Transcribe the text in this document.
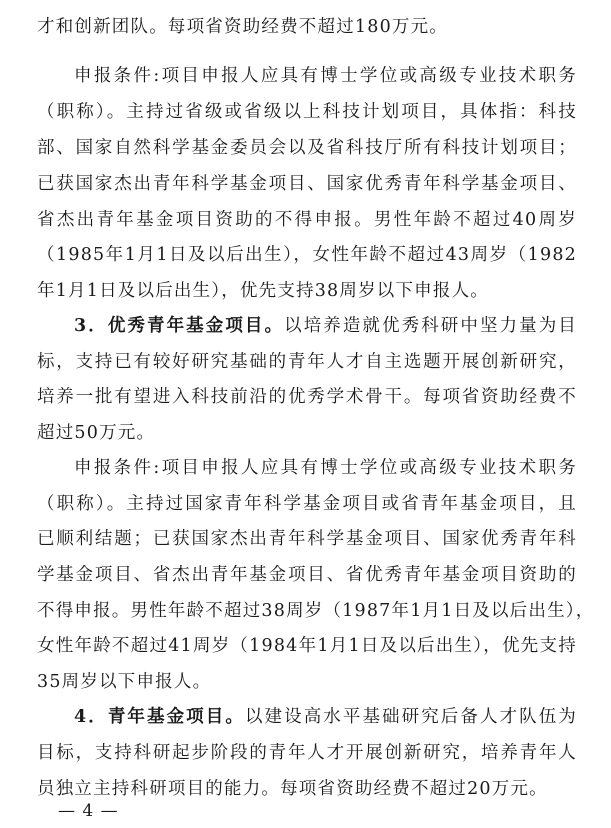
才和创新团队。每项省资助经费不超过180万元。
申报条件:项目申报人应具有博士学位或高级专业技术职务
（职称）。主持过省级或省级以上科技计划项目，具体指：科技
部、国家自然科学基金委员会以及省科技厅所有科技计划项目；
已获国家杰出青年科学基金项目、国家优秀青年科学基金项目、
省杰出青年基金项目资助的不得申报。男性年龄不超过40周岁
（1985年1月1日及以后出生），女性年龄不超过43周岁（1982
年1月1日及以后出生），优先支持38周岁以下申报人。
3．优秀青年基金项目。以培养造就优秀科研中坚力量为目
标，支持已有较好研究基础的青年人才自主选题开展创新研究，
培养一批有望进入科技前沿的优秀学术骨干。每项省资助经费不
超过50万元。
申报条件:项目申报人应具有博士学位或高级专业技术职务
（职称）。主持过国家青年科学基金项目或省青年基金项目，且
已顺利结题；已获国家杰出青年科学基金项目、国家优秀青年科
学基金项目、省杰出青年基金项目、省优秀青年基金项目资助的
不得申报。男性年龄不超过38周岁（1987年1月1日及以后出生），
女性年龄不超过41周岁（1984年1月1日及以后出生），优先支持
35周岁以下申报人。
4．青年基金项目。以建设高水平基础研究后备人才队伍为
目标，支持科研起步阶段的青年人才开展创新研究，培养青年人
员独立主持科研项目的能力。每项省资助经费不超过20万元。
— 4 —
